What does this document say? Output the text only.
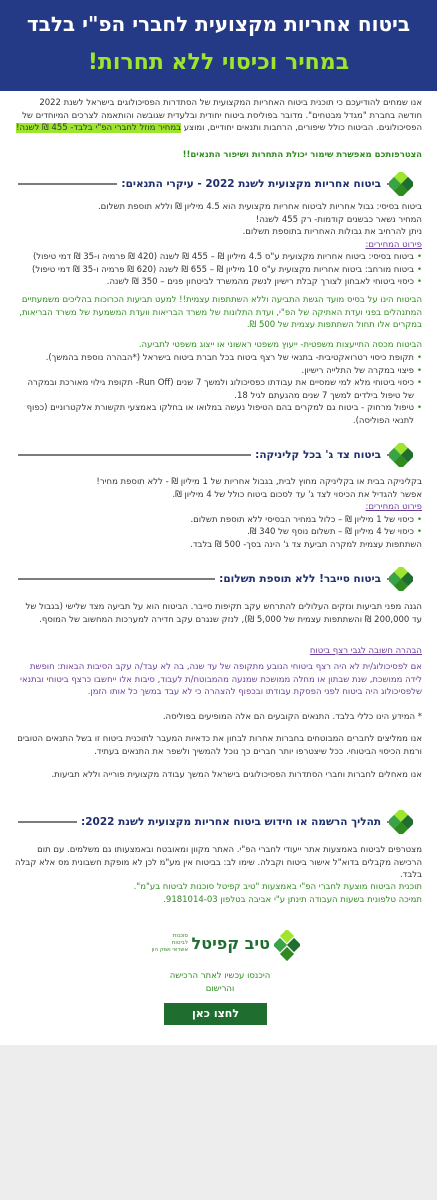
ביטוח אחריות מקצועית לחברי הפ"י בלבד
במחיר וכיסוי ללא תחרות!
אנו שמחים להודיעכם כי תוכנית ביטוח האחריות המקצועית של הסתדרות הפסיכולוגים בישראל לשנת 2022 חודשה בחברת "מגדל מבטחים". מדובר בפוליסת ביטוח יחודית ובלעדית שגובשה והותאמה לצרכים המיוחדים של הפסיכולוגים. הביטוח כולל שיפורים, הרחבות ותנאים יחודיים, ומוצע במחיר מוזל לחברי הפ"י בלבד- 455 ₪ לשנה!
הצטרפותכם מאפשרת שימור יכולת התחרות ושיפור התנאים!!
ביטוח אחריות מקצועית לשנת 2022 - עיקרי התנאים:
ביטוח בסיסי: גבול אחריות לביטוח אחריות מקצועית הוא 4.5 מיליון ₪ וללא תוספת תשלום.
המחיר נשאר כבשנים קודמות- רק 455 לשנה!
ניתן להרחיב את גבולות האחריות בתוספת תשלום.
פירוט המחירים:
• ביטוח בסיסי: ביטוח אחריות מקצועית ע"ס 4.5 מיליון ₪ – 455 ₪ לשנה (420 ₪ פרמיה ו-35 ₪ דמי טיפול)
• ביטוח מורחב: ביטוח אחריות מקצועית ע"ס 10 מיליון ₪ – 655 ₪ לשנה (620 ₪ פרמיה ו-35 ₪ דמי טיפול)
• כיסוי ביטוחי לאבחון לצורך קבלת רישיון לנשק מהמשרד לביטחון פנים – 350 ₪ לשנה.
הביטוח הינו על בסיס מועד הגשת התביעה וללא השתתפות עצמית!! למעט תביעות הכרוכות בהליכים משמעתיים המתנהלים בפני ועדת האתיקה של הפ"י, ועדת התלונות של משרד הבריאות וועדת המשמעת של משרד הבריאות, במקרים אלו תחול השתתפות עצמית של 500 ₪.
הביטוח מכסה התייעצות משפטית- ייעוץ משפטי ראשוני או ייצוג משפטי לתביעה.
• תקופת כיסוי רטרואקטיבית- בתנאי של רצף ביטוח בכל חברת ביטוח בישראל (*הבהרה נוספת בהמשך).
• פיצוי במקרה של התלייה רישיון.
• כיסוי ביטוחי מלא למי שמסיים את עבודתו כפסיכולוג ולמשך 7 שנים (Run Off- תקופת גילוי מאורכת ובמקרה של טיפול בילדים למשך 7 שנים מהגעתם לגיל 18.
• טיפול מרחוק - ביטוח גם למקרים בהם הטיפול נעשה במלואו או בחלקו באמצעי תקשורת אלקטרוניים (כפוף לתנאי הפוליסה).
ביטוח צד ג' בכל קליניקה:
בקליניקה בבית או בקליניקה מחוץ לבית, בגבול אחריות של 1 מיליון ₪ - ללא תוספת מחיר!
אפשר להגדיל את הכיסוי לצד ג' עד לסכום ביטוח כולל של 4 מיליון ₪.
פירוט המחירים:
• כיסוי של 1 מיליון ₪ – כלול במחיר הבסיסי ללא תוספת תשלום.
• כיסוי של 4 מיליון ₪ – תשלום נוסף של 340 ₪.
השתתפות עצמית למקרה תביעת צד ג' הינה בסך- 500 ₪ בלבד.
ביטוח סייבר! ללא תוספת תשלום:
הגנה מפני תביעות ונזקים העלולים להתרחש עקב תקיפות סייבר. הביטוח הוא על תביעה מצד שלישי (בגבול של עד 200,000 ₪ והשתתפות עצמית של 5,000 ₪), לנזק שנגרם עקב חדירה למערכות המחשוב של המוסף.
הבהרה חשובה לגבי רצף ביטוח
אם לפסיכולוג/ית לא היה רצף ביטוחי הנובע מתקופה של עד שנה, בה לא עבד/ה עקב הסיבות הבאות: חופשת לידה ממושכת, שנת שבתון או מחלה ממושכת שמנעה מהמבוטח/ת לעבוד, סיבות אלו ייחשבו כרצף ביטוחי ובתנאי שלפסיכולוג היה ביטוח לפני הפסקת עבודתו ובכפוף להצהרה כי לא עבד במשך כל אותו הזמן.
* המידע הינו כללי בלבד. התנאים הקובעים הם אלה המופיעים בפוליסה.
אנו ממליצים לחברים המבוטחים בחברות אחרות לבחון את כדאיות המעבר לתוכנית ביטוח זו בשל התנאים הטובים ורמת הכיסוי הביטוחי. ככל שיצטרפו יותר חברים כך נוכל להמשיך ולשפר את התנאים בעתיד.
אנו מאחלים לחברות וחברי הסתדרות הפסיכולוגים בישראל המשך עבודה מקצועית פורייה וללא תביעות.
תהליך הרשמה או חידוש ביטוח אחריות מקצועית לשנת 2022:
מצטרפים לביטוח באמצעות אתר ייעודי לחברי הפ"י. האתר מקוון ומאובטח ובאמצעותו גם משלמים. עם תום הרכישה מקבלים בדוא"ל אישור ביטוח וקבלה. שימו לב: בביטוח אין מע"מ לכן לא מופקת חשבונית מס אלא קבלה בלבד.
תוכנית הביטוח מוצעת לחברי הפ"י באמצעות "טיב קפיטל סוכנות לביטוח בע"מ".
תמיכה טלפונית בשעות העבודה תינתן ע"י אביבה בטלפון 9181014-03.
טיב קפיטל
סוכנות
לביטוח
אשראי ושוק הון
היכנסו עכשיו לאתר הרכישה
והרישום
לחצו כאן
